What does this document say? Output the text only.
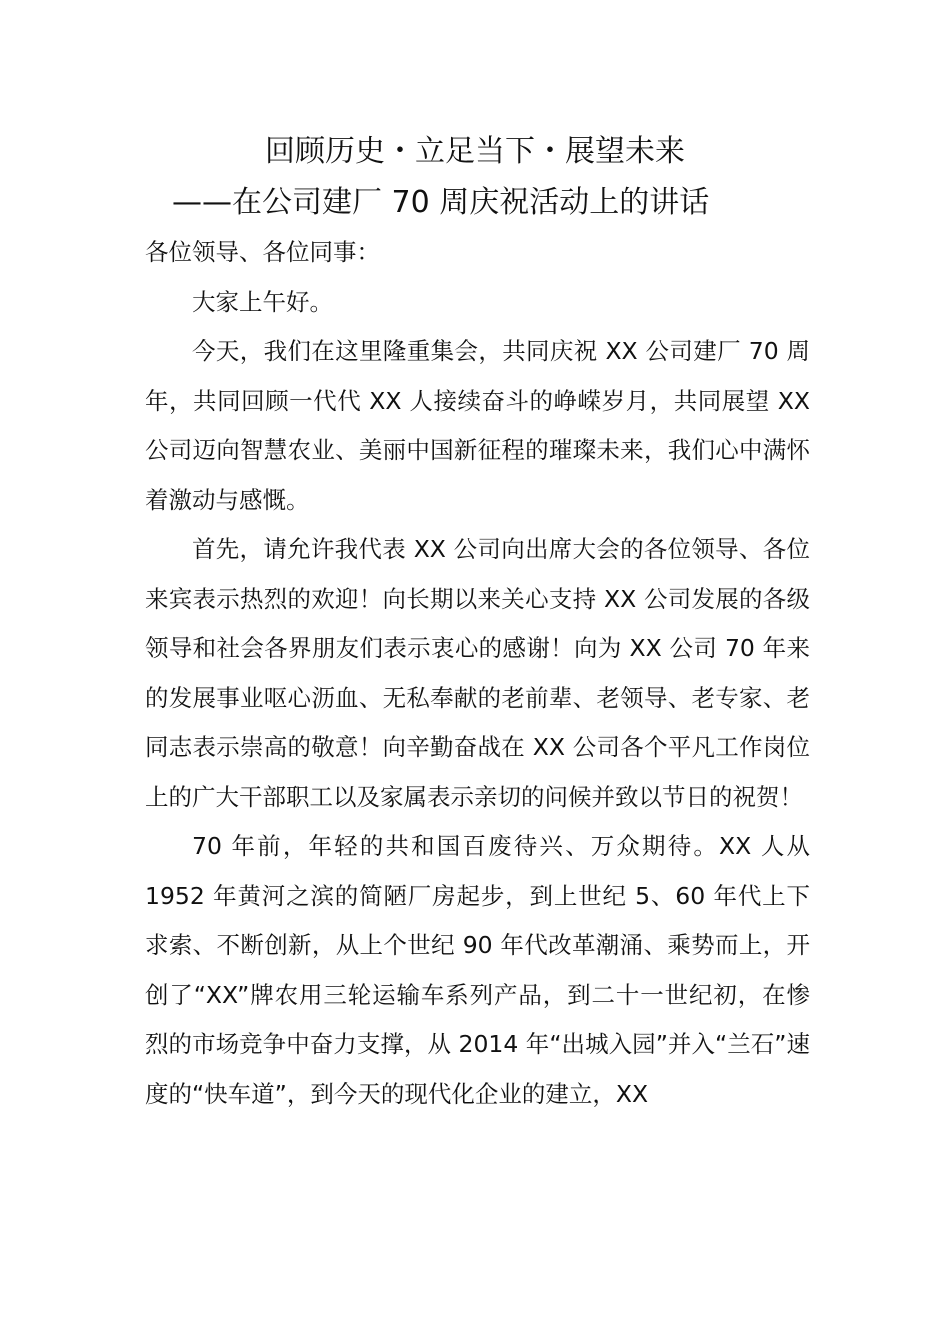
回顾历史・立足当下・展望未来
——在公司建厂 70 周庆祝活动上的讲话

各位领导、各位同事：

大家上午好。

今天，我们在这里隆重集会，共同庆祝 XX 公司建厂 70 周年，共同回顾一代代 XX 人接续奋斗的峥嵘岁月，共同展望 XX 公司迈向智慧农业、美丽中国新征程的璀璨未来，我们心中满怀着激动与感慨。

首先，请允许我代表 XX 公司向出席大会的各位领导、各位来宾表示热烈的欢迎！向长期以来关心支持 XX 公司发展的各级领导和社会各界朋友们表示衷心的感谢！向为 XX 公司 70 年来的发展事业呕心沥血、无私奉献的老前辈、老领导、老专家、老同志表示崇高的敬意！向辛勤奋战在 XX 公司各个平凡工作岗位上的广大干部职工以及家属表示亲切的问候并致以节日的祝贺！

70 年前，年轻的共和国百废待兴、万众期待。XX 人从 1952 年黄河之滨的简陋厂房起步，到上世纪 5、60 年代上下求索、不断创新，从上个世纪 90 年代改革潮涌、乘势而上，开创了“XX”牌农用三轮运输车系列产品，到二十一世纪初，在惨烈的市场竞争中奋力支撑，从 2014 年“出城入园”并入“兰石”速度的“快车道”，到今天的现代化企业的建立，XX
